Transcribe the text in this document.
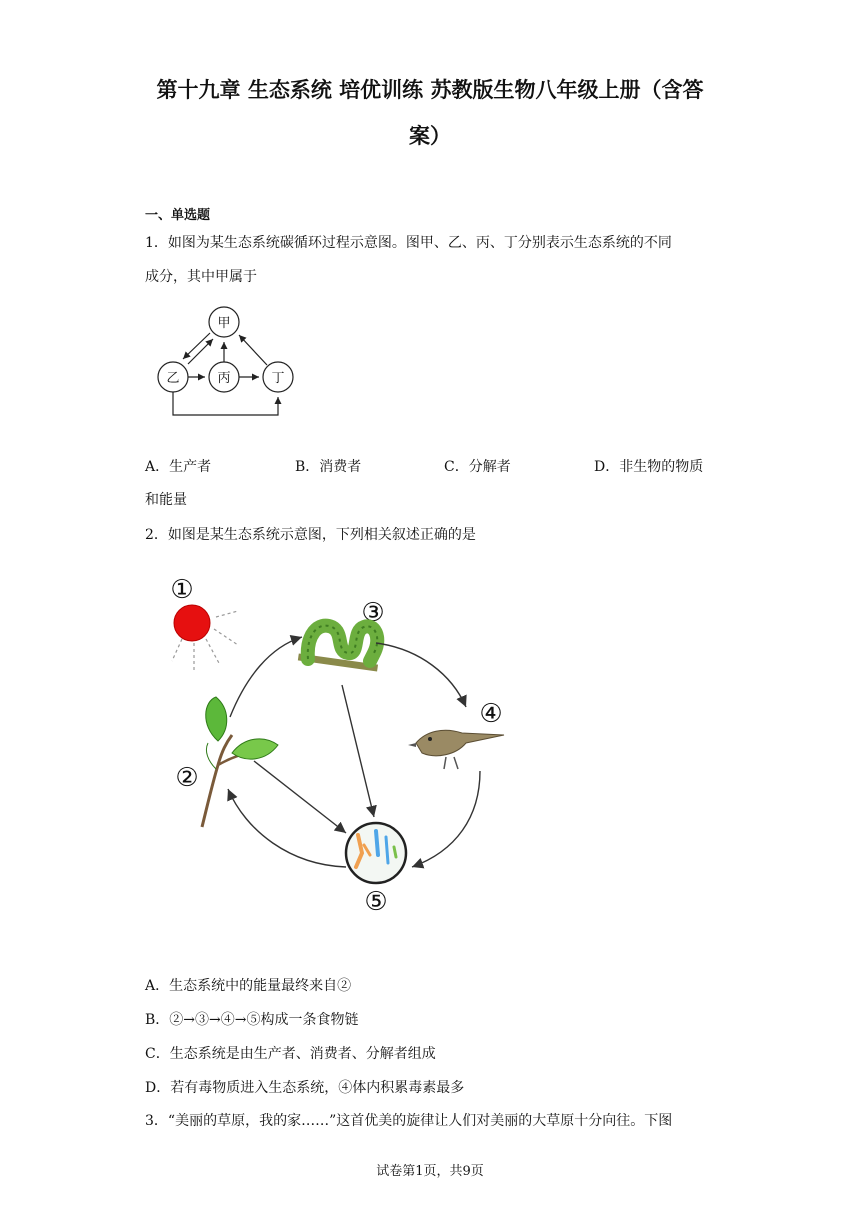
第十九章 生态系统 培优训练 苏教版生物八年级上册（含答
案）
一、单选题
1．如图为某生态系统碳循环过程示意图。图甲、乙、丙、丁分别表示生态系统的不同
成分，其中甲属于
甲
乙	丙	丁
A．生产者	B．消费者	C．分解者	D．非生物的物质
和能量
2．如图是某生态系统示意图，下列相关叙述正确的是
①
③
②
④
⑤
A．生态系统中的能量最终来自②
B．②→③→④→⑤构成一条食物链
C．生态系统是由生产者、消费者、分解者组成
D．若有毒物质进入生态系统，④体内积累毒素最多
3．“美丽的草原，我的家……”这首优美的旋律让人们对美丽的大草原十分向往。下图
试卷第1页，共9页
